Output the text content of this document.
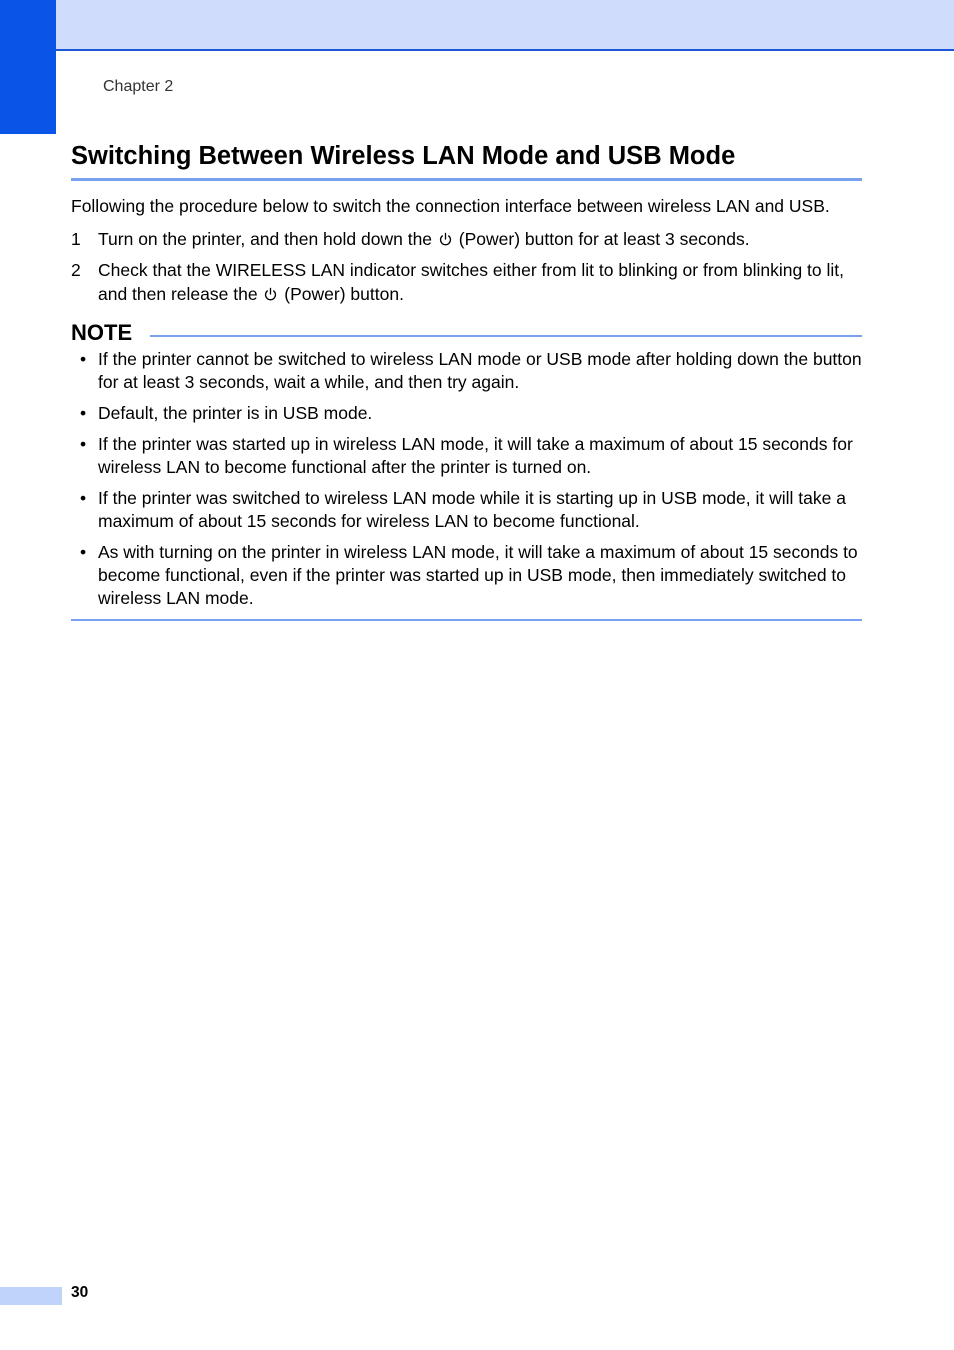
Chapter 2
Switching Between Wireless LAN Mode and USB Mode

Following the procedure below to switch the connection interface between wireless LAN and USB.

1 Turn on the printer, and then hold down the  (Power) button for at least 3 seconds.
2 Check that the WIRELESS LAN indicator switches either from lit to blinking or from blinking to lit, and then release the  (Power) button.
NOTE
• If the printer cannot be switched to wireless LAN mode or USB mode after holding down the button for at least 3 seconds, wait a while, and then try again.
• Default, the printer is in USB mode.
• If the printer was started up in wireless LAN mode, it will take a maximum of about 15 seconds for wireless LAN to become functional after the printer is turned on.
• If the printer was switched to wireless LAN mode while it is starting up in USB mode, it will take a maximum of about 15 seconds for wireless LAN to become functional.
• As with turning on the printer in wireless LAN mode, it will take a maximum of about 15 seconds to become functional, even if the printer was started up in USB mode, then immediately switched to wireless LAN mode.
30
